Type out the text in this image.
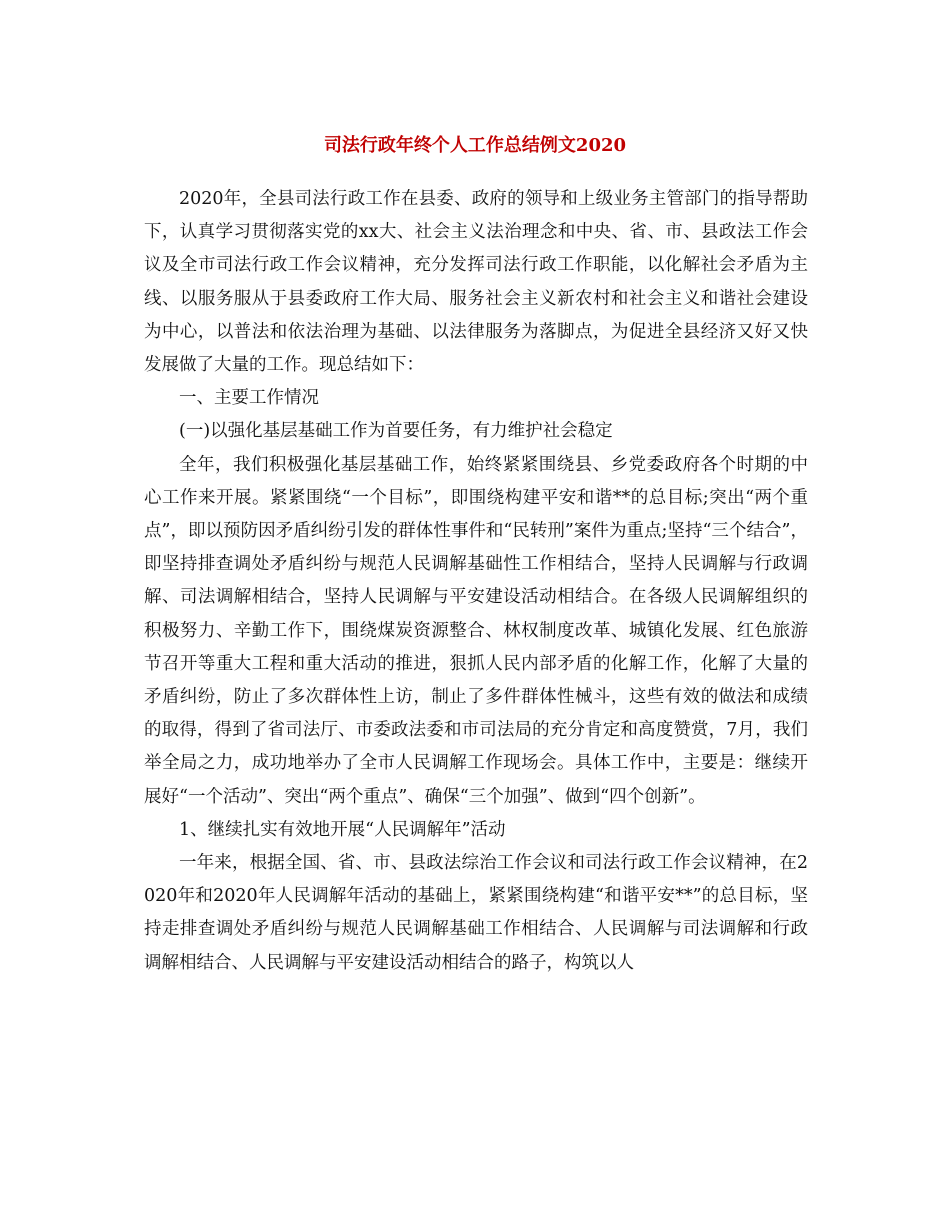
司法行政年终个人工作总结例文2020

2020年，全县司法行政工作在县委、政府的领导和上级业务主管部门的指导帮助下，认真学习贯彻落实党的xx大、社会主义法治理念和中央、省、市、县政法工作会议及全市司法行政工作会议精神，充分发挥司法行政工作职能，以化解社会矛盾为主线、以服务服从于县委政府工作大局、服务社会主义新农村和社会主义和谐社会建设为中心，以普法和依法治理为基础、以法律服务为落脚点，为促进全县经济又好又快发展做了大量的工作。现总结如下：

一、主要工作情况

(一)以强化基层基础工作为首要任务，有力维护社会稳定

全年，我们积极强化基层基础工作，始终紧紧围绕县、乡党委政府各个时期的中心工作来开展。紧紧围绕“一个目标”，即围绕构建平安和谐**的总目标;突出“两个重点”，即以预防因矛盾纠纷引发的群体性事件和“民转刑”案件为重点;坚持“三个结合”，即坚持排查调处矛盾纠纷与规范人民调解基础性工作相结合，坚持人民调解与行政调解、司法调解相结合，坚持人民调解与平安建设活动相结合。在各级人民调解组织的积极努力、辛勤工作下，围绕煤炭资源整合、林权制度改革、城镇化发展、红色旅游节召开等重大工程和重大活动的推进，狠抓人民内部矛盾的化解工作，化解了大量的矛盾纠纷，防止了多次群体性上访，制止了多件群体性械斗，这些有效的做法和成绩的取得，得到了省司法厅、市委政法委和市司法局的充分肯定和高度赞赏，7月，我们举全局之力，成功地举办了全市人民调解工作现场会。具体工作中，主要是：继续开展好“一个活动”、突出“两个重点”、确保“三个加强”、做到“四个创新”。

1、继续扎实有效地开展“人民调解年”活动

一年来，根据全国、省、市、县政法综治工作会议和司法行政工作会议精神，在2020年和2020年人民调解年活动的基础上，紧紧围绕构建“和谐平安**”的总目标，坚持走排查调处矛盾纠纷与规范人民调解基础工作相结合、人民调解与司法调解和行政调解相结合、人民调解与平安建设活动相结合的路子，构筑以人
